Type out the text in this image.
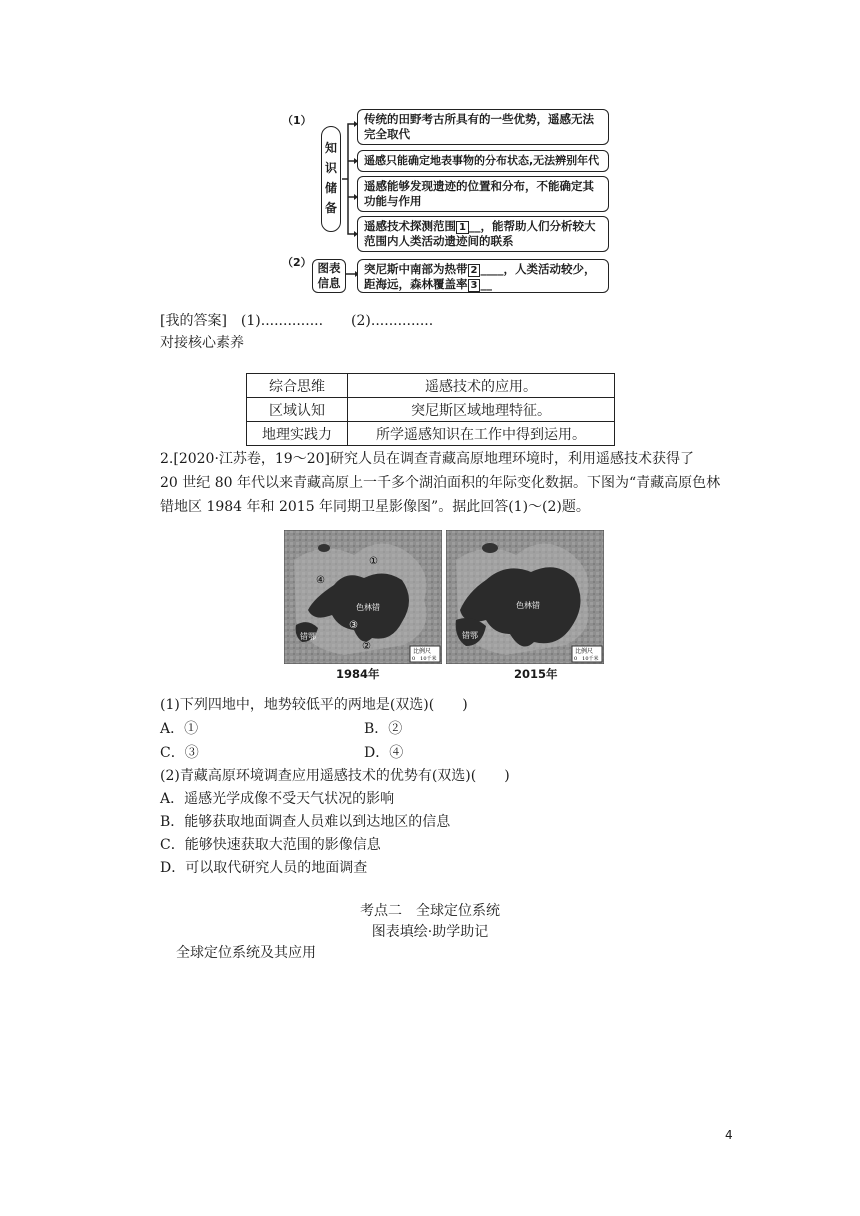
（1）
知
识
储
备
传统的田野考古所具有的一些优势，遥感无法完全取代
遥感只能确定地表事物的分布状态,无法辨别年代
遥感能够发现遗迹的位置和分布，不能确定其功能与作用
遥感技术探测范围 1 __，能帮助人们分析较大范围内人类活动遗迹间的联系
（2） 图表信息
突尼斯中南部为热带 2 ____，人类活动较少，距海远，森林覆盖率 3 __
[我的答案]　(1)..............　　(2)..............
对接核心素养
综合思维	遥感技术的应用。
区域认知	突尼斯区域地理特征。
地理实践力	所学遥感知识在工作中得到运用。
2.[2020·江苏卷，19～20]研究人员在调查青藏高原地理环境时，利用遥感技术获得了
20 世纪 80 年代以来青藏高原上一千多个湖泊面积的年际变化数据。下图为“青藏高原色林
错地区 1984 年和 2015 年同期卫星影像图”。据此回答(1)～(2)题。
①
②
③
④
色林错
错鄂
比例尺
0　10千米
1984年
色林错
错鄂
比例尺
0　10千米
2015年
(1)下列四地中，地势较低平的两地是(双选)(　　)
A．①	B．②
C．③	D．④
(2)青藏高原环境调查应用遥感技术的优势有(双选)(　　)
A．遥感光学成像不受天气状况的影响
B．能够获取地面调查人员难以到达地区的信息
C．能够快速获取大范围的影像信息
D．可以取代研究人员的地面调查
考点二　全球定位系统
图表填绘·助学助记
全球定位系统及其应用
4
